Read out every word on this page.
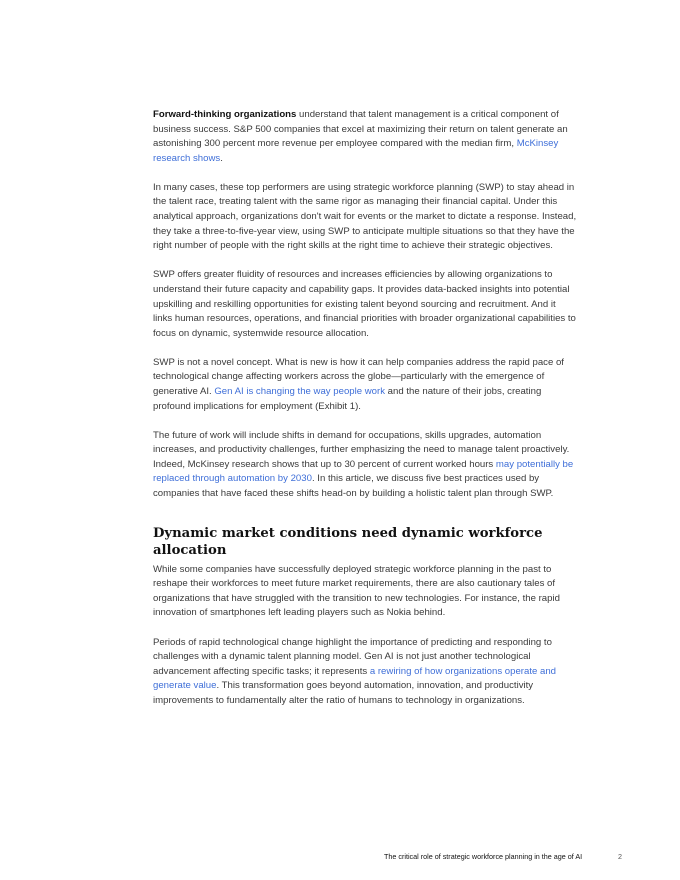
Forward-thinking organizations understand that talent management is a critical component of business success. S&P 500 companies that excel at maximizing their return on talent generate an astonishing 300 percent more revenue per employee compared with the median firm, McKinsey research shows.

In many cases, these top performers are using strategic workforce planning (SWP) to stay ahead in the talent race, treating talent with the same rigor as managing their financial capital. Under this analytical approach, organizations don't wait for events or the market to dictate a response. Instead, they take a three-to-five-year view, using SWP to anticipate multiple situations so that they have the right number of people with the right skills at the right time to achieve their strategic objectives.

SWP offers greater fluidity of resources and increases efficiencies by allowing organizations to understand their future capacity and capability gaps. It provides data-backed insights into potential upskilling and reskilling opportunities for existing talent beyond sourcing and recruitment. And it links human resources, operations, and financial priorities with broader organizational capabilities to focus on dynamic, systemwide resource allocation.

SWP is not a novel concept. What is new is how it can help companies address the rapid pace of technological change affecting workers across the globe—particularly with the emergence of generative AI. Gen AI is changing the way people work and the nature of their jobs, creating profound implications for employment (Exhibit 1).

The future of work will include shifts in demand for occupations, skills upgrades, automation increases, and productivity challenges, further emphasizing the need to manage talent proactively. Indeed, McKinsey research shows that up to 30 percent of current worked hours may potentially be replaced through automation by 2030. In this article, we discuss five best practices used by companies that have faced these shifts head-on by building a holistic talent plan through SWP.

Dynamic market conditions need dynamic workforce allocation

While some companies have successfully deployed strategic workforce planning in the past to reshape their workforces to meet future market requirements, there are also cautionary tales of organizations that have struggled with the transition to new technologies. For instance, the rapid innovation of smartphones left leading players such as Nokia behind.

Periods of rapid technological change highlight the importance of predicting and responding to challenges with a dynamic talent planning model. Gen AI is not just another technological advancement affecting specific tasks; it represents a rewiring of how organizations operate and generate value. This transformation goes beyond automation, innovation, and productivity improvements to fundamentally alter the ratio of humans to technology in organizations.

The critical role of strategic workforce planning in the age of AI	2
